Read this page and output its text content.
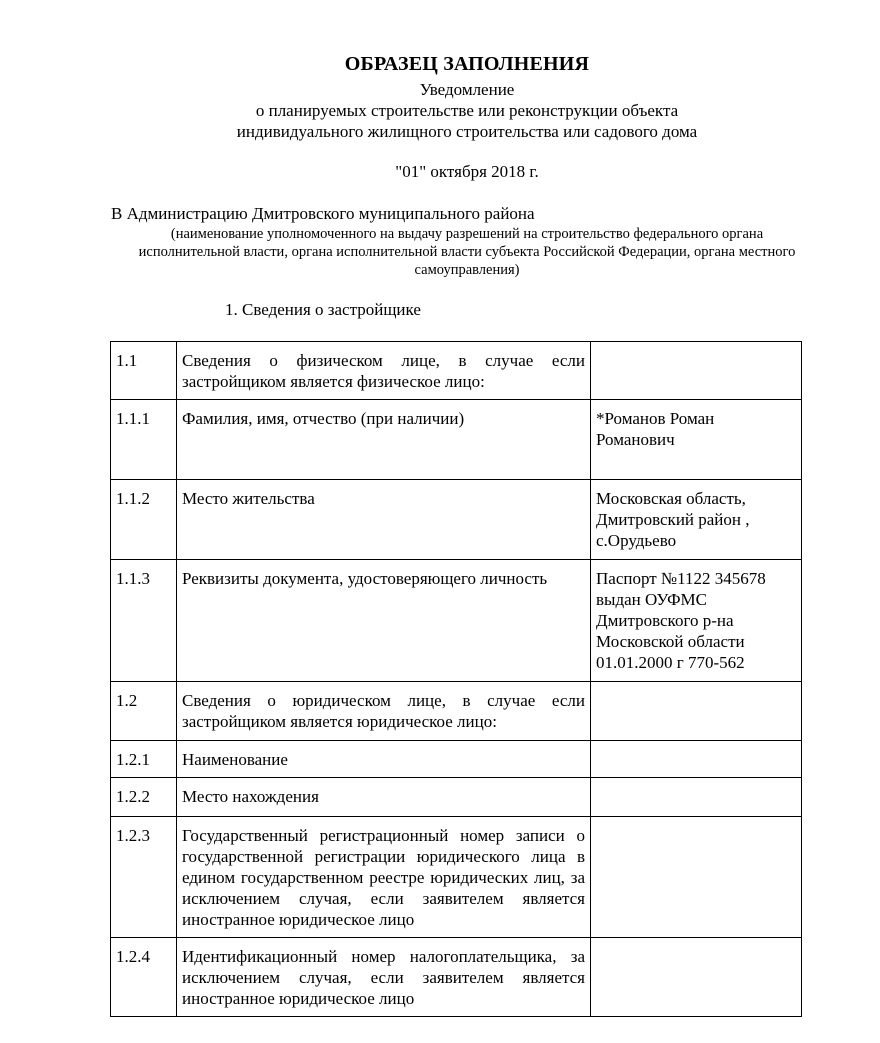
ОБРАЗЕЦ ЗАПОЛНЕНИЯ
Уведомление
о планируемых строительстве или реконструкции объекта
индивидуального жилищного строительства или садового дома
"01" октября 2018 г.
В Администрацию Дмитровского муниципального района
(наименование уполномоченного на выдачу разрешений на строительство федерального органа
исполнительной власти, органа исполнительной власти субъекта Российской Федерации, органа местного
самоуправления)
1. Сведения о застройщике
1.1	Сведения о физическом лице, в случае если застройщиком является физическое лицо:	
1.1.1	Фамилия, имя, отчество (при наличии)	*Романов Роман
Романович

1.1.2	Место жительства	Московская область,
Дмитровский район ,
с.Орудьево

1.1.3	Реквизиты документа, удостоверяющего личность	Паспорт №1122 345678
выдан ОУФМС
Дмитровского р-на
Московской области
01.01.2000 г 770-562

1.2	Сведения о юридическом лице, в случае если застройщиком является юридическое лицо:	
1.2.1	Наименование	
1.2.2	Место нахождения	
1.2.3	Государственный регистрационный номер записи о государственной регистрации юридического лица в едином государственном реестре юридических лиц, за исключением случая, если заявителем является иностранное юридическое лицо	
1.2.4	Идентификационный номер налогоплательщика, за исключением случая, если заявителем является иностранное юридическое лицо	
